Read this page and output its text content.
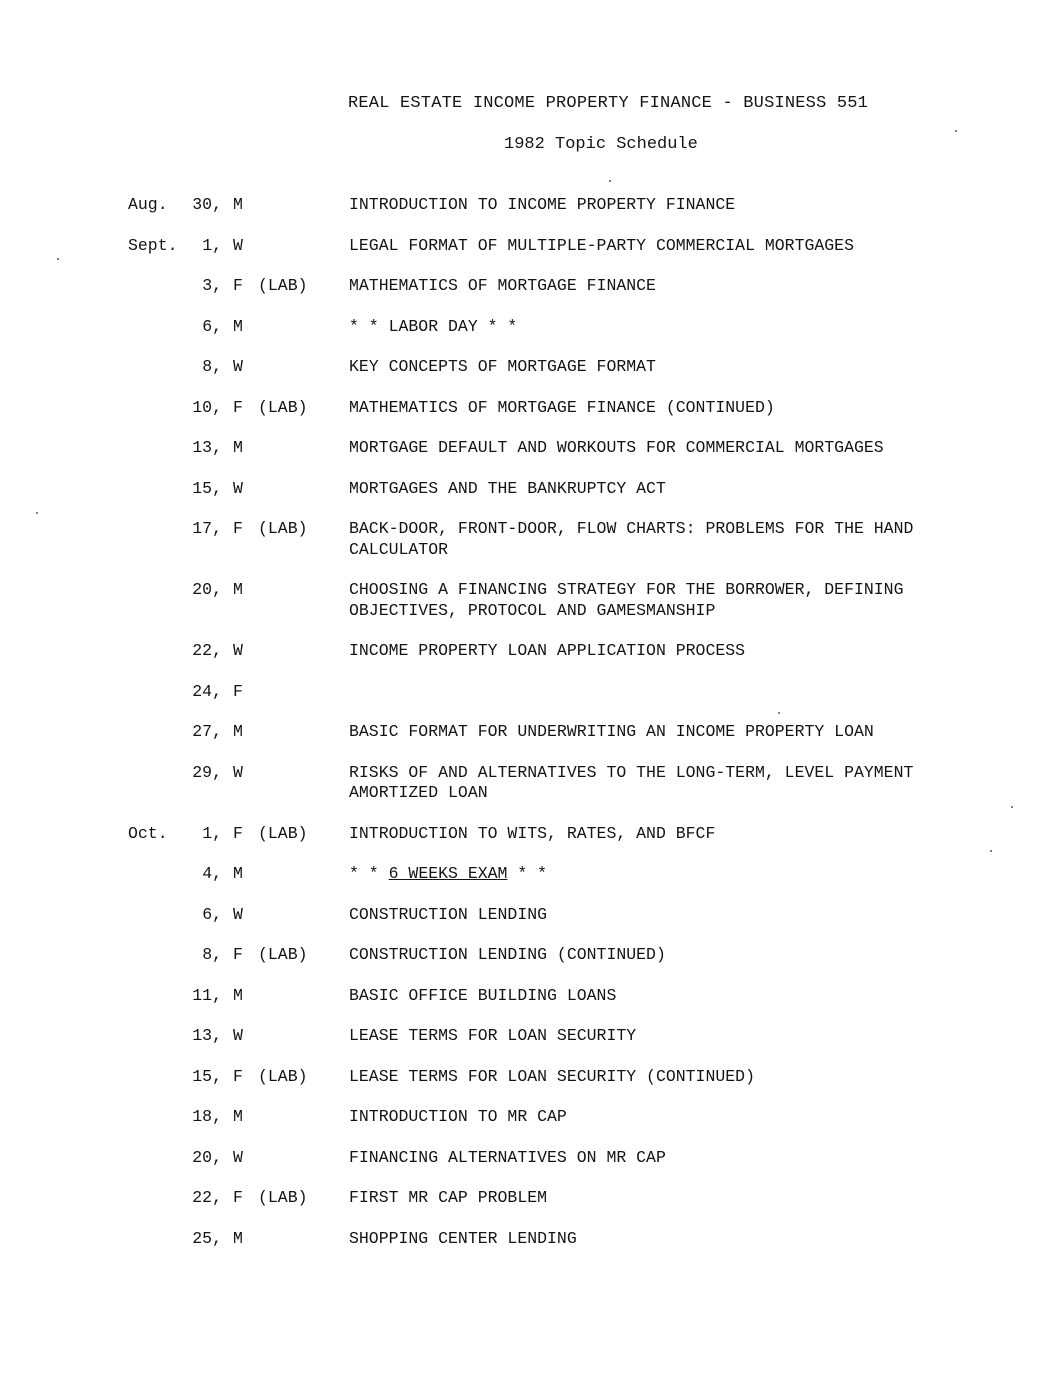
REAL ESTATE INCOME PROPERTY FINANCE - BUSINESS 551
1982 Topic Schedule
Aug. 30, M	INTRODUCTION TO INCOME PROPERTY FINANCE
Sept. 1, W	LEGAL FORMAT OF MULTIPLE-PARTY COMMERCIAL MORTGAGES
3, F (LAB)	MATHEMATICS OF MORTGAGE FINANCE
6, M	* * LABOR DAY * *
8, W	KEY CONCEPTS OF MORTGAGE FORMAT
10, F (LAB)	MATHEMATICS OF MORTGAGE FINANCE (CONTINUED)
13, M	MORTGAGE DEFAULT AND WORKOUTS FOR COMMERCIAL MORTGAGES
15, W	MORTGAGES AND THE BANKRUPTCY ACT
17, F (LAB)	BACK-DOOR, FRONT-DOOR, FLOW CHARTS: PROBLEMS FOR THE HAND
CALCULATOR
20, M	CHOOSING A FINANCING STRATEGY FOR THE BORROWER, DEFINING
OBJECTIVES, PROTOCOL AND GAMESMANSHIP
22, W	INCOME PROPERTY LOAN APPLICATION PROCESS
24, F
27, M	BASIC FORMAT FOR UNDERWRITING AN INCOME PROPERTY LOAN
29, W	RISKS OF AND ALTERNATIVES TO THE LONG-TERM, LEVEL PAYMENT
AMORTIZED LOAN
Oct. 1, F (LAB)	INTRODUCTION TO WITS, RATES, AND BFCF
4, M	* * 6 WEEKS EXAM * *
6, W	CONSTRUCTION LENDING
8, F (LAB)	CONSTRUCTION LENDING (CONTINUED)
11, M	BASIC OFFICE BUILDING LOANS
13, W	LEASE TERMS FOR LOAN SECURITY
15, F (LAB)	LEASE TERMS FOR LOAN SECURITY (CONTINUED)
18, M	INTRODUCTION TO MR CAP
20, W	FINANCING ALTERNATIVES ON MR CAP
22, F (LAB)	FIRST MR CAP PROBLEM
25, M	SHOPPING CENTER LENDING
